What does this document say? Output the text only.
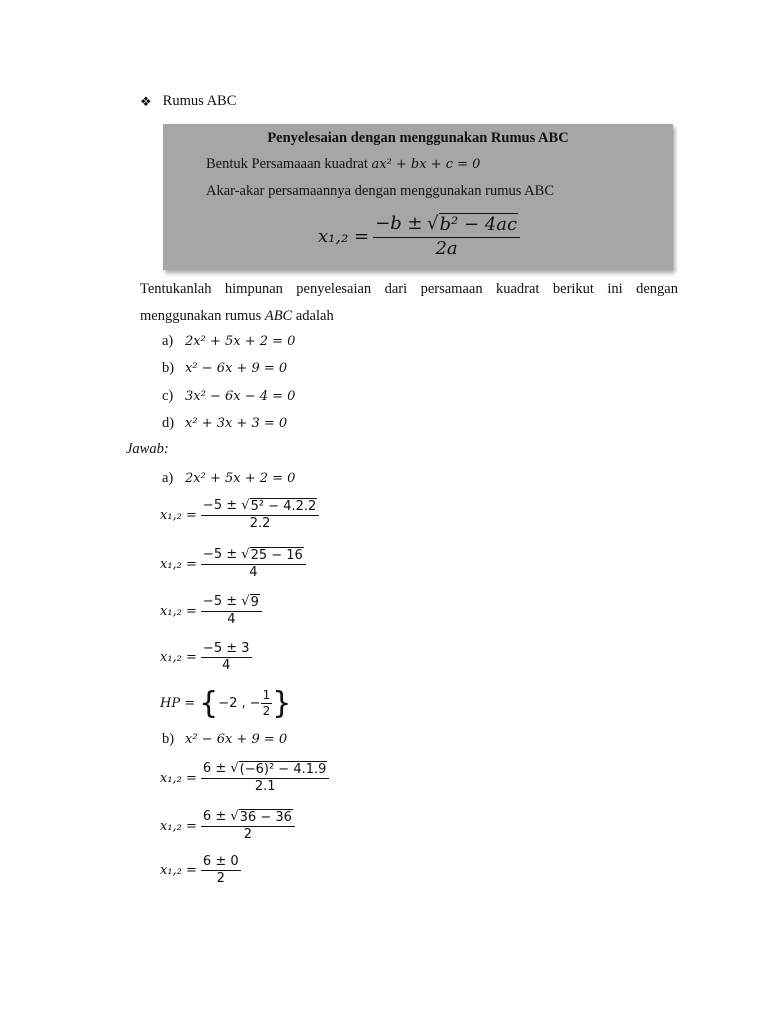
❖ Rumus ABC
Penyelesaian dengan menggunakan Rumus ABC
Bentuk Persamaaan kuadrat ax² + bx + c = 0
Akar-akar persamaannya dengan menggunakan rumus ABC
$x_1,_2 = \frac{\text{−b ± √ b² − 4ac}}{2a}$
Tentukanlah himpunan penyelesaian dari persamaan kuadrat berikut ini dengan
menggunakan rumus ABC adalah
a) 2x² + 5x + 2 = 0
b) x² − 6x + 9 = 0
c) 3x² − 6x − 4 = 0
d) x² + 3x + 3 = 0
Jawab:
a) 2x² + 5x + 2 = 0
$x_1,_2 = \frac{\text{−5 ± √ 5² − 4.2.2}}{2.2}$
$x_1,_2 = \frac{-5 \pm √ 25 - 16}{4}$
$x_1,_2 = \frac{-5 \pm √ 9}{4}$
$x_1,_2 = \frac{-5 \pm 3}{4}$
HP = { −2 , − $\frac{1}{2}$ }
b) x² − 6x + 9 = 0
$x_1,_2 = \frac{\text{6 ± √ (−6)² − 4.1.9}}{2.1}$
$x_1,_2 = \frac{6 \pm √ 36 - 36}{2}$
$x_1,_2 = \frac{6 \pm 0}{2}$
